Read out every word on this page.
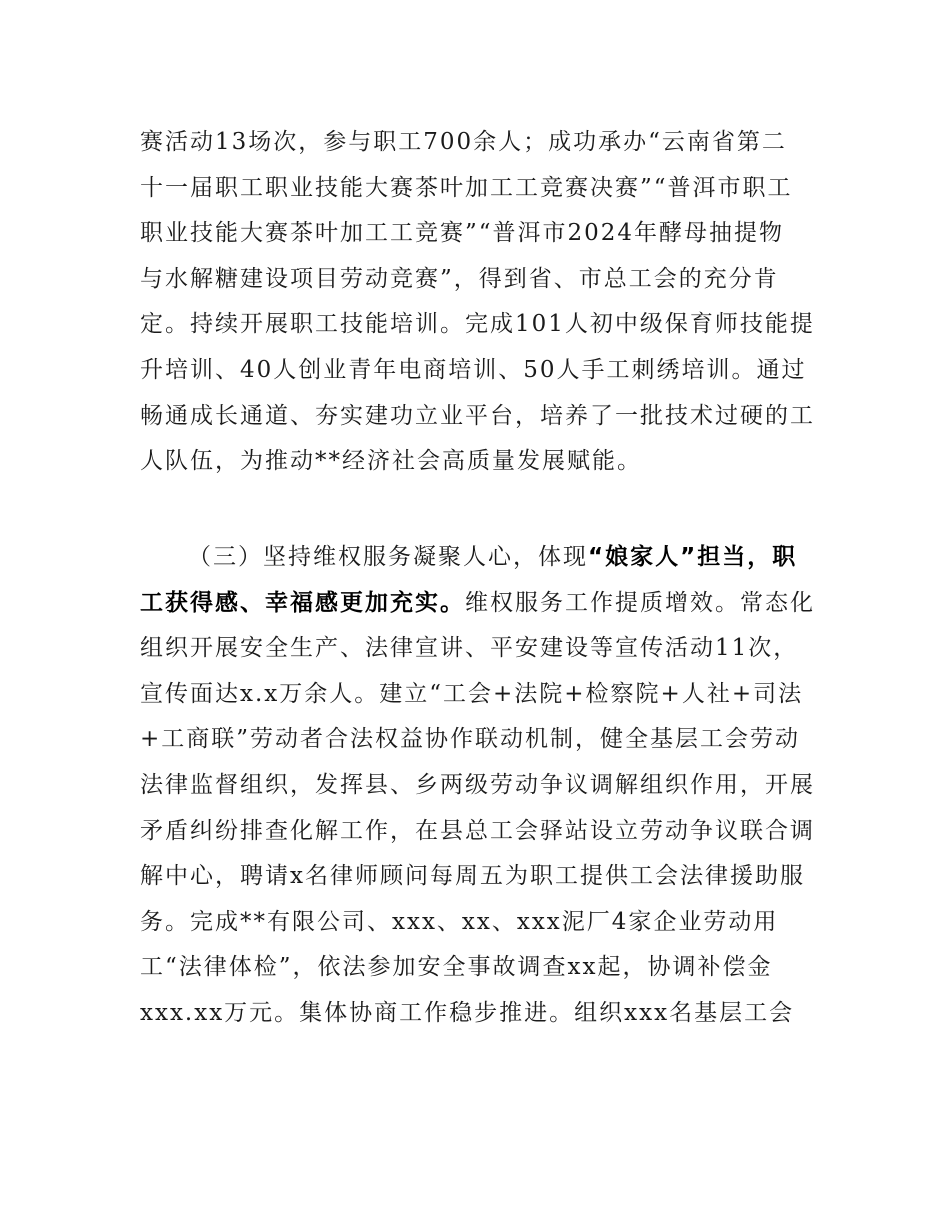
赛活动13场次，参与职工700余人；成功承办“云南省第二
十一届职工职业技能大赛茶叶加工工竞赛决赛”“普洱市职工
职业技能大赛茶叶加工工竞赛”“普洱市2024年酵母抽提物
与水解糖建设项目劳动竞赛”，得到省、市总工会的充分肯
定。持续开展职工技能培训。完成101人初中级保育师技能提
升培训、40人创业青年电商培训、50人手工刺绣培训。通过
畅通成长通道、夯实建功立业平台，培养了一批技术过硬的工
人队伍，为推动**经济社会高质量发展赋能。
（三）坚持维权服务凝聚人心，体现“娘家人”担当，职
工获得感、幸福感更加充实。维权服务工作提质增效。常态化
组织开展安全生产、法律宣讲、平安建设等宣传活动11次，
宣传面达x.x万余人。建立“工会+法院+检察院+人社+司法
+工商联”劳动者合法权益协作联动机制，健全基层工会劳动
法律监督组织，发挥县、乡两级劳动争议调解组织作用，开展
矛盾纠纷排查化解工作，在县总工会驿站设立劳动争议联合调
解中心，聘请x名律师顾问每周五为职工提供工会法律援助服
务。完成**有限公司、xxx、xx、xxx泥厂4家企业劳动用
工“法律体检”，依法参加安全事故调查xx起，协调补偿金
xxx.xx万元。集体协商工作稳步推进。组织xxx名基层工会
